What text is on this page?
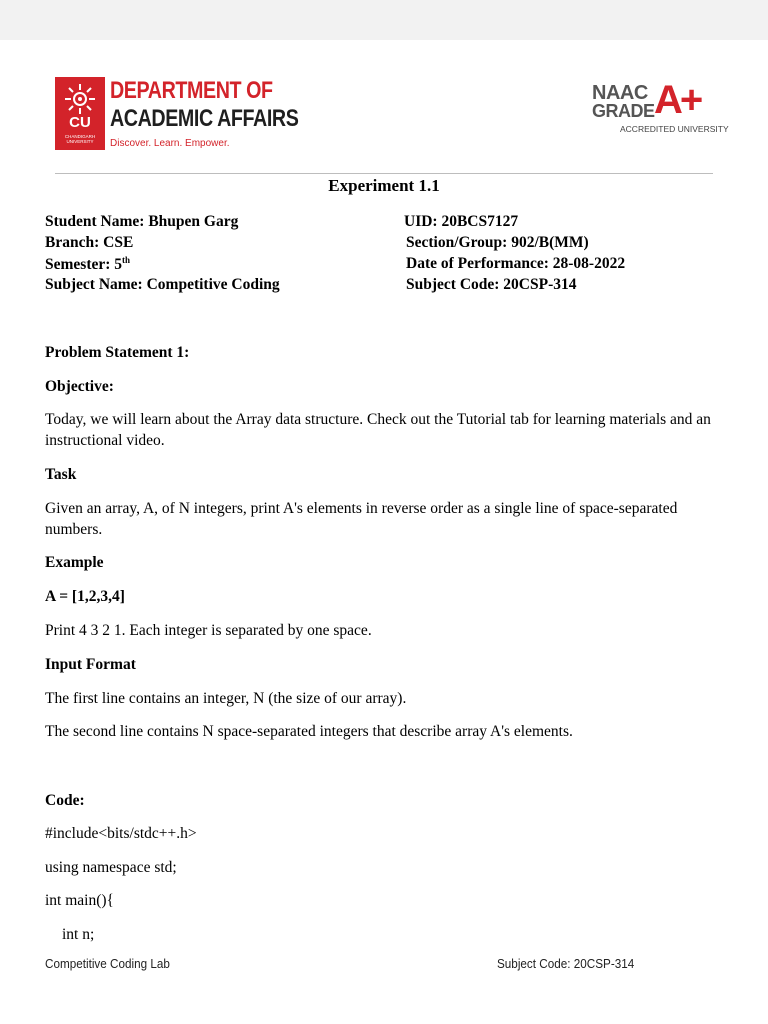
CU
CHANDIGARH UNIVERSITY
DEPARTMENT OF
ACADEMIC AFFAIRS
Discover. Learn. Empower.
NAAC
GRADE A+
ACCREDITED UNIVERSITY
Experiment 1.1
Student Name: Bhupen Garg	UID: 20BCS7127
Branch: CSE	Section/Group: 902/B(MM)
Semester: 5th	Date of Performance: 28-08-2022
Subject Name: Competitive Coding	Subject Code: 20CSP-314
Problem Statement 1:
Objective:
Today, we will learn about the Array data structure. Check out the Tutorial tab for learning materials and an instructional video.
Task
Given an array, A, of N integers, print A's elements in reverse order as a single line of space-separated numbers.
Example
A = [1,2,3,4]
Print 4 3 2 1. Each integer is separated by one space.
Input Format
The first line contains an integer, N (the size of our array).
The second line contains N space-separated integers that describe array A's elements.
Code:
#include<bits/stdc++.h>
using namespace std;
int main(){
int n;
Competitive Coding Lab	Subject Code: 20CSP-314
